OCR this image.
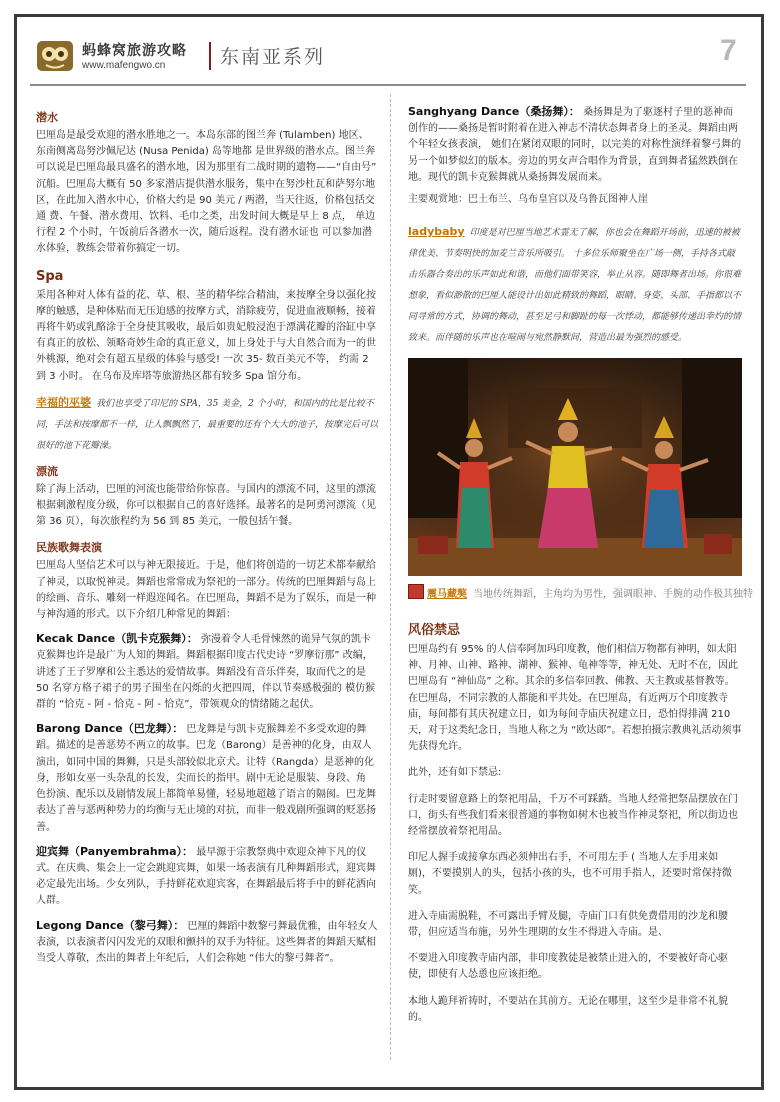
蚂蜂窝旅游攻略
www.mafengwo.cn	东南亚系列	7
潜水

巴厘岛是最受欢迎的潜水胜地之一。本岛东部的图兰奔 (Tulamben) 地区、东南侧离岛努沙佩尼达 (Nusa Penida) 岛等地都 是世界级的潜水点。图兰奔可以说是巴厘岛最具盛名的潜水地，因为那里有二战时期的遗物——“自由号” 沉船。巴厘岛大概有 50 多家潜店提供潜水服务，集中在努沙杜瓦和萨努尔地区，在此加入潜水中心，价格大约是 90 美元 / 两潜，当天往返，价格包括交通 费、午餐、潜水费用、饮料、毛巾之类，出发时间大概是早上 8 点， 单边行程 2 个小时，午饭前后各潜水一次，随后返程。没有潜水证也 可以参加潜水体验，教练会带着你搞定一切。

Spa

采用各种对人体有益的花、草、根、茎的精华综合精油，来按摩全身以强化按摩的触感，是种体贴而无压迫感的按摩方式，消除疲劳，促进血液顺畅，接着再将牛奶或乳酪涂于全身使其吸收，最后如贵妃般浸泡于漂满花瓣的浴缸中享有真正的放松、领略奇妙生命的真正意义，加上身处于与大自然合而为一的世外桃源，绝对会有超五星级的体验与感受! 一次 35- 数百美元不等， 约需 2 到 3 小时。 在乌布及库塔等旅游热区都有较多 Spa 馆分布。

幸福的巫婆 我们也享受了印尼的 SPA，35 美金，2 个小时，和国内的比是比较不同，手法和按摩都不一样，让人飘飘然了，最重要的还有个大大的池子，按摩完后可以很好的池下花瓣澡。

漂流

除了海上活动，巴厘的河流也能带给你惊喜。与国内的漂流不同，这里的漂流根据刺激程度分级，你可以根据自己的喜好选择。最著名的是阿勇河漂流（见第 36 页），每次旅程约为 56 到 85 美元，一般包括午餐。

民族歌舞表演

巴厘岛人坚信艺术可以与神无限接近。于是，他们将创造的一切艺术都奉献给了神灵，以取悦神灵。舞蹈也常常成为祭祀的一部分。传统的巴厘舞蹈与岛上的绘画、音乐、雕刻一样遐迩闻名。在巴厘岛，舞蹈不是为了娱乐，而是一种与神沟通的形式。以下介绍几种常见的舞蹈：

Kecak Dance（凯卡克猴舞）： 弥漫着令人毛骨悚然的诡异气氛的凯卡克猴舞也许是最广为人知的舞蹈。舞蹈根据印度古代史诗 “罗摩衍那” 改编，讲述了王子罗摩和公主悉达的爱情故事。舞蹈没有音乐伴奏，取而代之的是 50 名穿方格子裙子的男子围坐在闪烁的火把四周，伴以节奏感极强的 模仿猴群的 “恰克 - 阿 - 恰克 - 阿 - 恰克”，带领观众的情绪随之起伏。

Barong Dance（巴龙舞）： 巴龙舞是与凯卡克猴舞差不多受欢迎的舞蹈。描述的是善恶势不两立的故事。巴龙（Barong）是善神的化身，由双人演出，如同中国的舞狮，只是头部较似北京犬。让特（Rangda）是恶神的化身，形如女巫一头杂乱的长发，尖而长的指甲。剧中无论是服装、身段、角 色扮演、配乐以及剧情发展上都简单易懂，轻易地超越了语言的隔阂。巴龙舞表达了善与恶两种势力的均衡与无止境的对抗，而非一般戏剧所强调的贬恶扬善。

迎宾舞（Panyembrahma）： 最早源于宗教祭典中欢迎众神下凡的仪式。在庆典、集会上一定会跳迎宾舞，如果一场表演有几种舞蹈形式，迎宾舞必定最先出场。少女列队，手持鲜花欢迎宾客，在舞蹈最后将手中的鲜花洒向人群。

Legong Dance（黎弓舞）： 巴厘的舞蹈中数黎弓舞最优雅，由年轻女人表演，以表演者闪闪发光的双眼和颤抖的双手为特征。这些舞者的舞蹈天赋相当受人尊敬，杰出的舞者上年纪后，人们会称她 “伟大的黎弓舞者”。

Sanghyang Dance（桑扬舞）： 桑扬舞是为了驱逐村子里的恶神而创作的——桑扬是暂时附着在进入神志不清状态舞者身上的圣灵。舞蹈由两个年轻女孩表演， 她们在紧闭双眼的同时，以完美的对称性演绎着黎弓舞的另一个如梦似幻的版本。旁边的男女声合唱作为背景，直到舞者猛然跌倒在地。现代的凯卡克猴舞就从桑扬舞发展而来。

主要观赏地：巴土布兰、乌布皇宫以及乌鲁瓦图神人崖

ladybaby 印度是对巴厘当地艺术霊无了解，你也会在舞蹈开场前，迅速的被被律优美、节奏明快的加麦兰音乐所吸引。 十多位乐师聚坐在广场一侧，手持各式敲击乐器合奏出的乐声如此和谐，而他们面带笑容，举止从容。随即舞者出场。你很难想象，看似渺散的巴厘人能设计出如此精致的舞蹈，眼睛、身姿、头部、手指都以不同寻常的方式，协调的舞动，甚至足弓和脚趾的每一次悸动，都能够传递出幸灼的情致来。而伴随的乐声也在喧闹与宛然静默间，营造出最为强烈的感受。

震马藏獒 当地传统舞蹈，主角均为男性，强调眼神、手腕的动作极其独特
风俗禁忌

巴厘岛约有 95% 的人信奉阿加玛印度教，他们相信万物都有神明，如太阳神、月神、山神、路神、湖神、猴神、龟神等等，神无处、无时不在，因此巴厘岛有 “神仙岛” 之称。其余的多信奉回教、佛教、天主教或基督教等。在巴厘岛，不同宗教的人都能和平共处。在巴厘岛，有近两万个印度教寺庙，每间都有其庆祝建立日，如为每间寺庙庆祝建立日，恐怕得排满 210 天，对于这类纪念日，当地人称之为 “欧达郎”。若想拍摄宗教典礼活动须事先获得允许。

此外，还有如下禁忌:

行走时要留意路上的祭祀用品，千万不可踩踏。当地人经常把祭品摆放在门口，街头有些我们看来很普通的事物如树木也被当作神灵祭祀，所以街边也经常摆放着祭祀用品。

印尼人握手或接拿东西必须伸出右手，不可用左手 ( 当地人左手用来如厕)，不要摸别人的头，包括小孩的头，也不可用手指人，还要时常保持微笑。

进入寺庙需脱鞋，不可露出手臂及腿，寺庙门口有供免费借用的沙龙和腰带，但应适当布施，另外生理期的女生不得进入寺庙。是、

不要进入印度教寺庙内部，非印度教徒是被禁止进入的，不要被好奇心驱使，即使有人怂恿也应该拒绝。

本地人跪拜祈祷时，不要站在其前方。无论在哪里，这至少是非常不礼貌的。
